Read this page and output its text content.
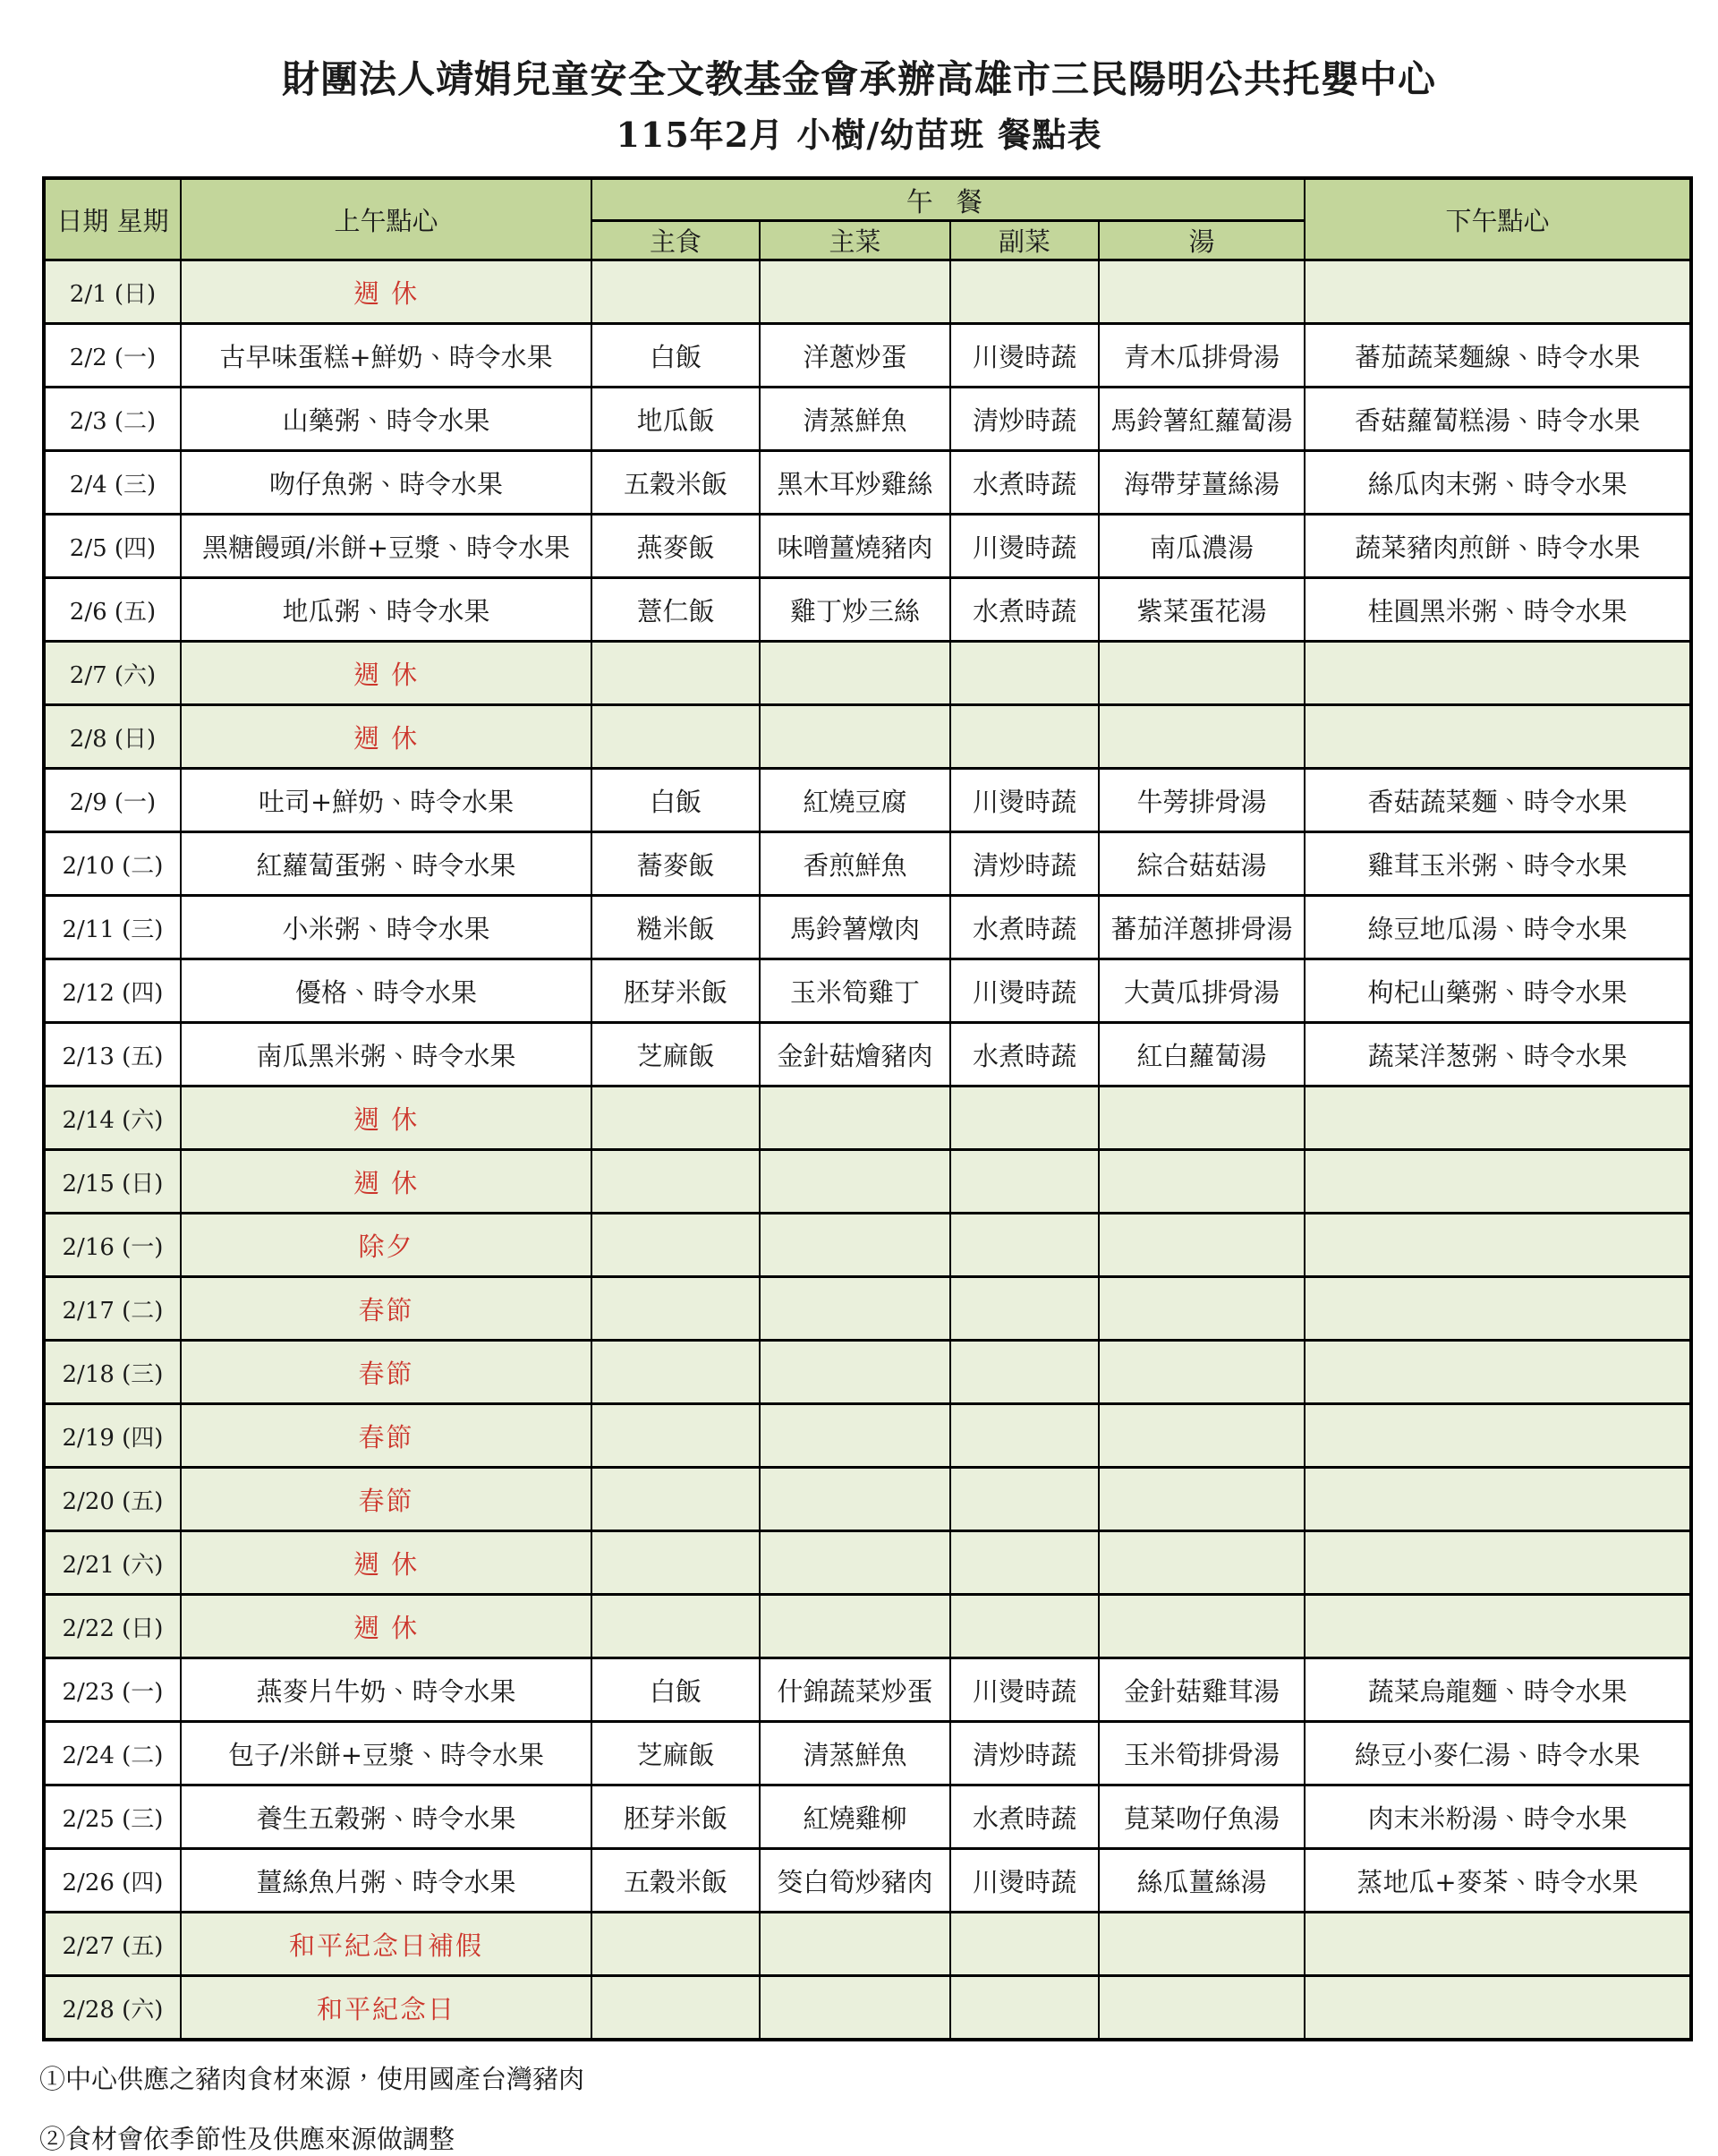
財團法人靖娟兒童安全文教基金會承辦高雄市三民陽明公共托嬰中心
115年2月 小樹/幼苗班 餐點表
日期 星期	上午點心	午 餐				下午點心
		主食	主菜	副菜	湯	
2/1 (日)	週 休					
2/2 (一)	古早味蛋糕+鮮奶、時令水果	白飯	洋蔥炒蛋	川燙時蔬	青木瓜排骨湯	蕃茄蔬菜麵線、時令水果
2/3 (二)	山藥粥、時令水果	地瓜飯	清蒸鮮魚	清炒時蔬	馬鈴薯紅蘿蔔湯	香菇蘿蔔糕湯、時令水果
2/4 (三)	吻仔魚粥、時令水果	五穀米飯	黑木耳炒雞絲	水煮時蔬	海帶芽薑絲湯	絲瓜肉末粥、時令水果
2/5 (四)	黑糖饅頭/米餅+豆漿、時令水果	燕麥飯	味噌薑燒豬肉	川燙時蔬	南瓜濃湯	蔬菜豬肉煎餅、時令水果
2/6 (五)	地瓜粥、時令水果	薏仁飯	雞丁炒三絲	水煮時蔬	紫菜蛋花湯	桂圓黑米粥、時令水果
2/7 (六)	週 休					
2/8 (日)	週 休					
2/9 (一)	吐司+鮮奶、時令水果	白飯	紅燒豆腐	川燙時蔬	牛蒡排骨湯	香菇蔬菜麵、時令水果
2/10 (二)	紅蘿蔔蛋粥、時令水果	蕎麥飯	香煎鮮魚	清炒時蔬	綜合菇菇湯	雞茸玉米粥、時令水果
2/11 (三)	小米粥、時令水果	糙米飯	馬鈴薯燉肉	水煮時蔬	蕃茄洋蔥排骨湯	綠豆地瓜湯、時令水果
2/12 (四)	優格、時令水果	胚芽米飯	玉米筍雞丁	川燙時蔬	大黃瓜排骨湯	枸杞山藥粥、時令水果
2/13 (五)	南瓜黑米粥、時令水果	芝麻飯	金針菇燴豬肉	水煮時蔬	紅白蘿蔔湯	蔬菜洋葱粥、時令水果
2/14 (六)	週 休					
2/15 (日)	週 休					
2/16 (一)	除夕					
2/17 (二)	春節					
2/18 (三)	春節					
2/19 (四)	春節					
2/20 (五)	春節					
2/21 (六)	週 休					
2/22 (日)	週 休					
2/23 (一)	燕麥片牛奶、時令水果	白飯	什錦蔬菜炒蛋	川燙時蔬	金針菇雞茸湯	蔬菜烏龍麵、時令水果
2/24 (二)	包子/米餅+豆漿、時令水果	芝麻飯	清蒸鮮魚	清炒時蔬	玉米筍排骨湯	綠豆小麥仁湯、時令水果
2/25 (三)	養生五穀粥、時令水果	胚芽米飯	紅燒雞柳	水煮時蔬	莧菜吻仔魚湯	肉末米粉湯、時令水果
2/26 (四)	薑絲魚片粥、時令水果	五穀米飯	筊白筍炒豬肉	川燙時蔬	絲瓜薑絲湯	蒸地瓜+麥茶、時令水果
2/27 (五)	和平紀念日補假					
2/28 (六)	和平紀念日					

①中心供應之豬肉食材來源，使用國產台灣豬肉

②食材會依季節性及供應來源做調整
